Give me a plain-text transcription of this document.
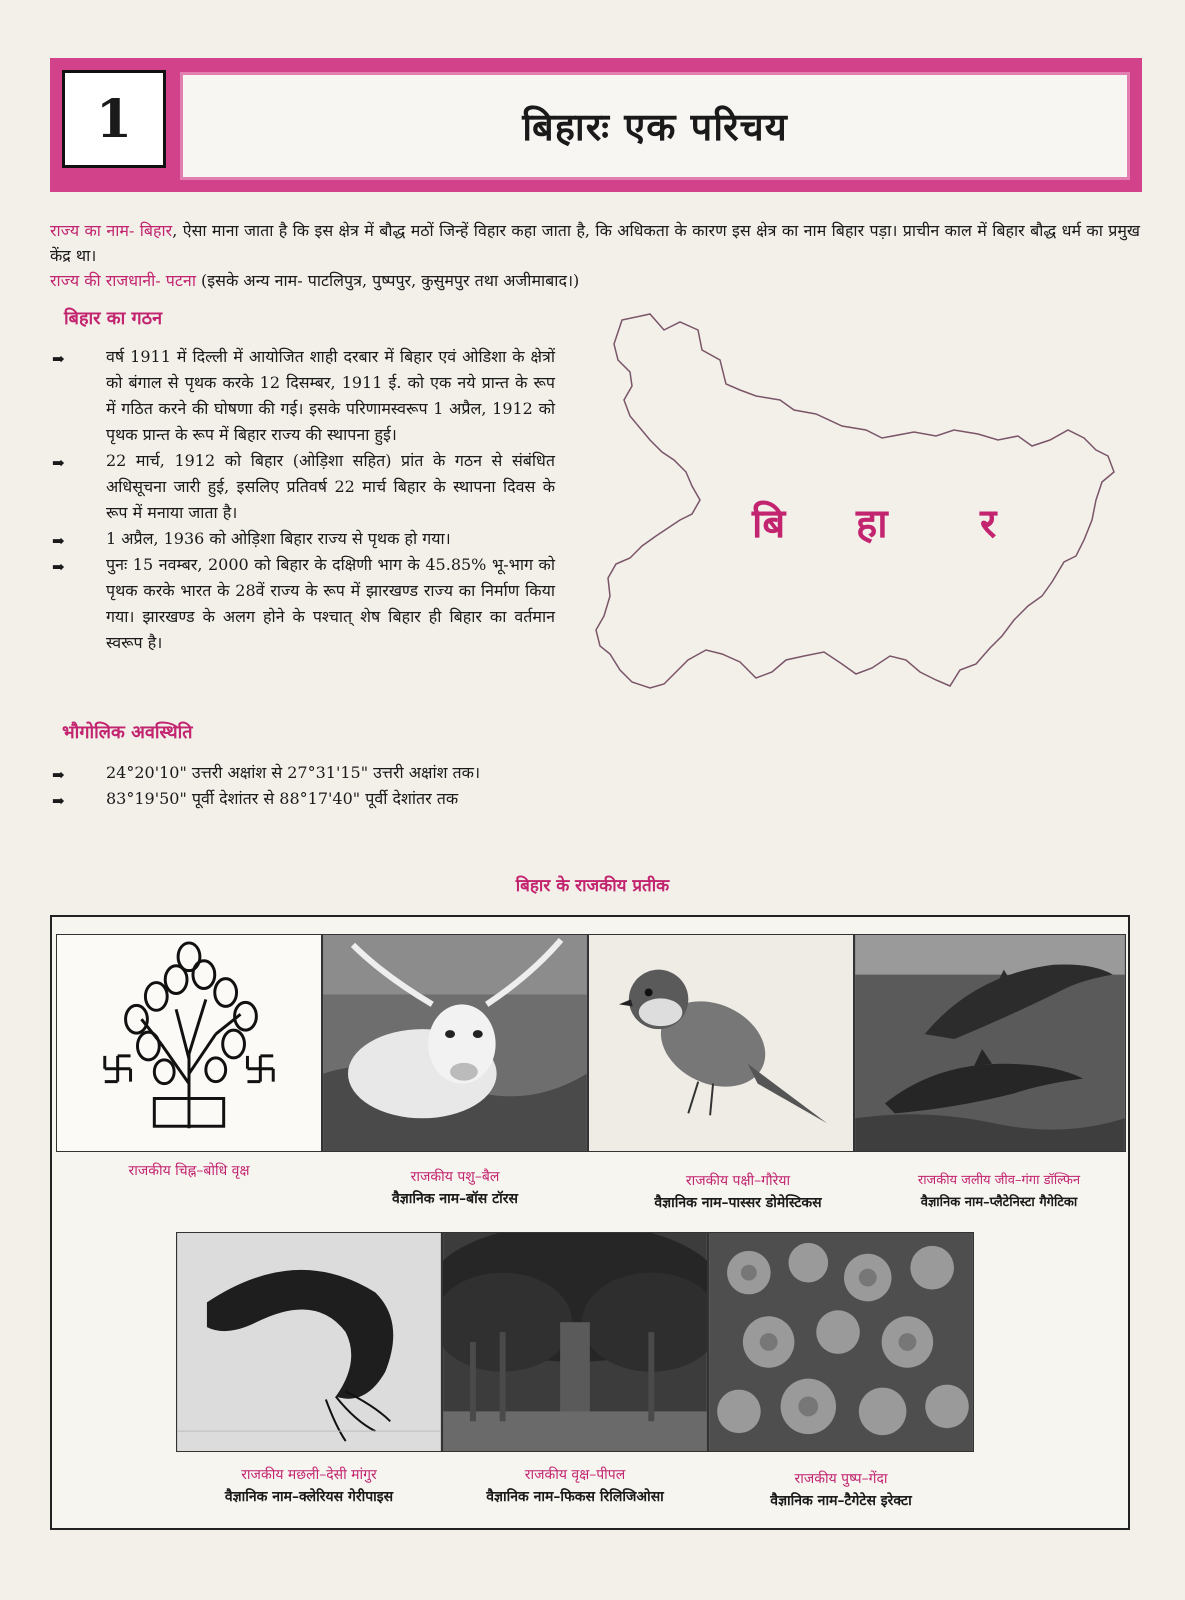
1	बिहारः एक परिचय

राज्य का नाम- बिहार, ऐसा माना जाता है कि इस क्षेत्र में बौद्ध मठों जिन्हें विहार कहा जाता है, कि अधिकता के कारण इस क्षेत्र का नाम बिहार पड़ा। प्राचीन काल में बिहार बौद्ध धर्म का प्रमुख केंद्र था।

राज्य की राजधानी- पटना (इसके अन्य नाम- पाटलिपुत्र, पुष्पपुर, कुसुमपुर तथा अजीमाबाद।)

बिहार का गठन
➡	वर्ष 1911 में दिल्ली में आयोजित शाही दरबार में बिहार एवं ओडिशा के क्षेत्रों को बंगाल से पृथक करके 12 दिसम्बर, 1911 ई. को एक नये प्रान्त के रूप में गठित करने की घोषणा की गई। इसके परिणामस्वरूप 1 अप्रैल, 1912 को पृथक प्रान्त के रूप में बिहार राज्य की स्थापना हुई।
➡	22 मार्च, 1912 को बिहार (ओड़िशा सहित) प्रांत के गठन से संबंधित अधिसूचना जारी हुई, इसलिए प्रतिवर्ष 22 मार्च बिहार के स्थापना दिवस के रूप में मनाया जाता है।
➡	1 अप्रैल, 1936 को ओड़िशा बिहार राज्य से पृथक हो गया।
➡	पुनः 15 नवम्बर, 2000 को बिहार के दक्षिणी भाग के 45.85% भू-भाग को पृथक करके भारत के 28वें राज्य के रूप में झारखण्ड राज्य का निर्माण किया गया। झारखण्ड के अलग होने के पश्चात् शेष बिहार ही बिहार का वर्तमान स्वरूप है।
भौगोलिक अवस्थिति
➡	24°20'10" उत्तरी अक्षांश से 27°31'15" उत्तरी अक्षांश तक।
➡	83°19'50" पूर्वी देशांतर से 88°17'40" पूर्वी देशांतर तक
बि हा र
बिहार के राजकीय प्रतीक
राजकीय चिह्न–बोधि वृक्ष	राजकीय पशु–बैल
वैज्ञानिक नाम–बॉस टॉरस
राजकीय पक्षी–गौरेया
वैज्ञानिक नाम–पास्सर डोमेस्टिकस
राजकीय जलीय जीव–गंगा डॉल्फिन
वैज्ञानिक नाम–प्लैटेनिस्टा गैगेटिका
राजकीय मछली–देसी मांगुर
वैज्ञानिक नाम–क्लेरियस गेरीपाइस
राजकीय वृक्ष–पीपल
वैज्ञानिक नाम–फिकस रिलिजिओसा
राजकीय पुष्प–गेंदा
वैज्ञानिक नाम–टैगेटेस इरेक्टा
